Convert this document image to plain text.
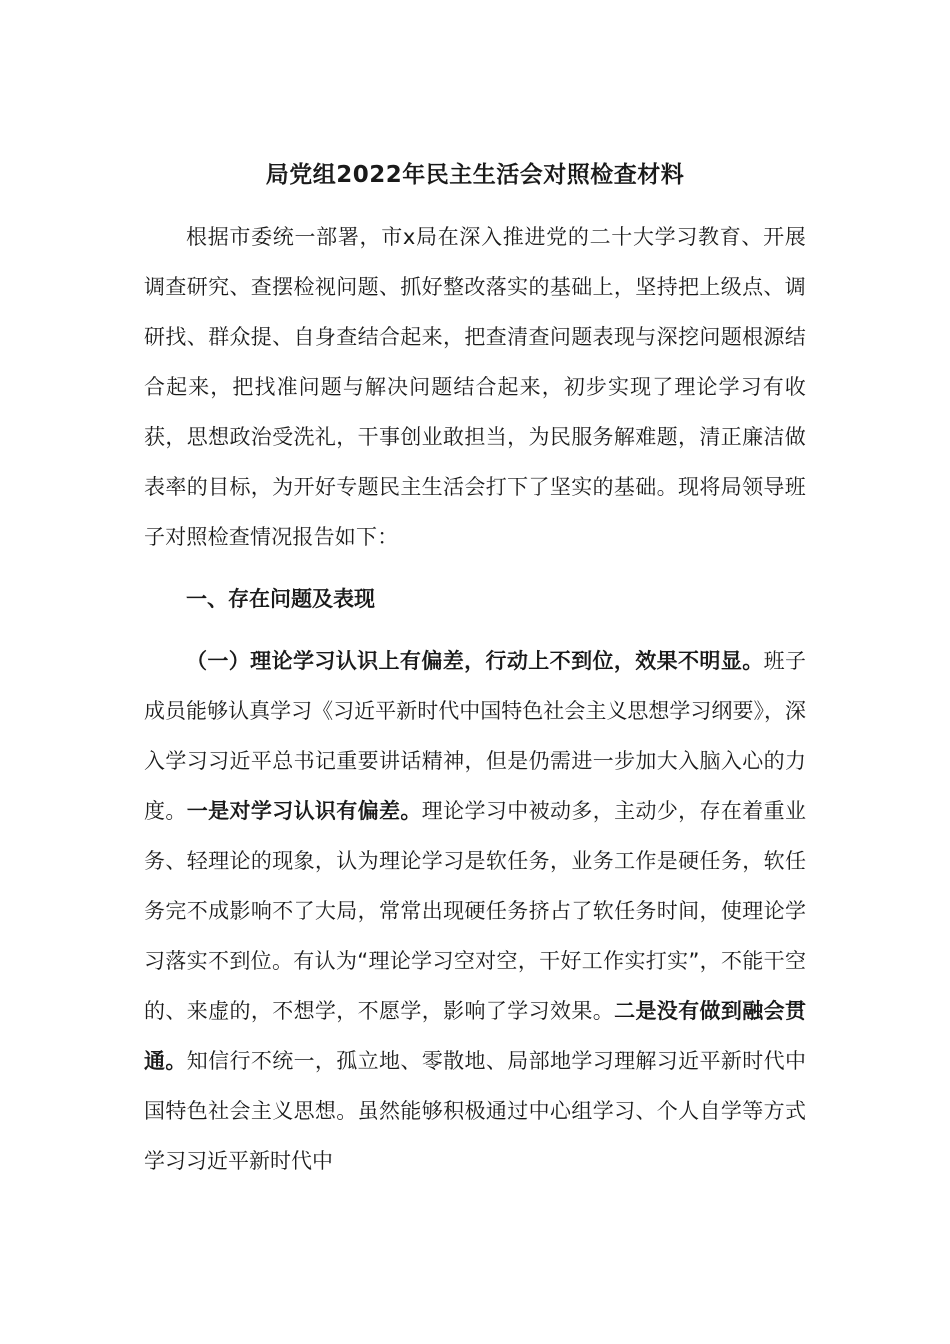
局党组2022年民主生活会对照检查材料

根据市委统一部署，市x局在深入推进党的二十大学习教育、开展调查研究、查摆检视问题、抓好整改落实的基础上，坚持把上级点、调研找、群众提、自身查结合起来，把查清查问题表现与深挖问题根源结合起来，把找准问题与解决问题结合起来，初步实现了理论学习有收获，思想政治受洗礼，干事创业敢担当，为民服务解难题，清正廉洁做表率的目标，为开好专题民主生活会打下了坚实的基础。现将局领导班子对照检查情况报告如下：

一、存在问题及表现

（一）理论学习认识上有偏差，行动上不到位，效果不明显。班子成员能够认真学习《习近平新时代中国特色社会主义思想学习纲要》，深入学习习近平总书记重要讲话精神，但是仍需进一步加大入脑入心的力度。一是对学习认识有偏差。理论学习中被动多，主动少，存在着重业务、轻理论的现象，认为理论学习是软任务，业务工作是硬任务，软任务完不成影响不了大局，常常出现硬任务挤占了软任务时间，使理论学习落实不到位。有认为“理论学习空对空，干好工作实打实”，不能干空的、来虚的，不想学，不愿学，影响了学习效果。二是没有做到融会贯通。知信行不统一，孤立地、零散地、局部地学习理解习近平新时代中国特色社会主义思想。虽然能够积极通过中心组学习、个人自学等方式学习习近平新时代中
